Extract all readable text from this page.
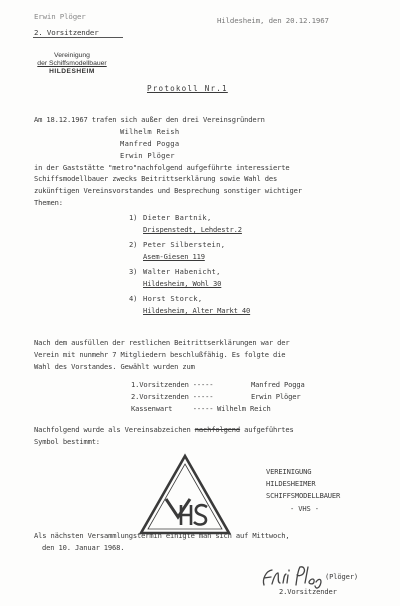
Erwin Plöger
2. Vorsitzender
Hildesheim, den 20.12.1967
Vereinigung
der Schiffsmodellbauer
HILDESHEIM
Protokoll Nr.1
Am 18.12.1967 trafen sich außer den drei Vereinsgründern
Wilhelm Reish
Manfred Pogga
Erwin Plöger
in der Gaststätte "metro"nachfolgend aufgeführte interessierte
Schiffsmodellbauer zwecks Beitrittserklärung sowie Wahl des
zukünftigen Vereinsvorstandes und Besprechung sonstiger wichtiger
Themen:
1) Dieter Bartnik,
Drispenstedt, Lehdestr.2
2) Peter Silberstein,
Asem-Giesen 119
3) Walter Habenicht,
Hildesheim, Wohl 30
4) Horst Storck,
Hildesheim, Alter Markt 40
Nach dem ausfüllen der restlichen Beitrittserklärungen war der
Verein mit nunmehr 7 Mitgliedern beschlußfähig. Es folgte die
Wahl des Vorstandes. Gewählt wurden zum
1.Vorsitzenden -----	Manfred Pogga
2.Vorsitzenden -----	Erwin Plöger
Kassenwart     ----- Wilhelm Reich
Nachfolgend wurde als Vereinsabzeichen nachfolgend aufgeführtes
Symbol bestimmt:
VEREINIGUNG
HILDESHEIMER
SCHIFFSMODELLBAUER
- VHS -
Als nächsten Versammlungstermin einigte man sich auf Mittwoch,
den 10. Januar 1968.
(Plöger)
2.Vorsitzender
